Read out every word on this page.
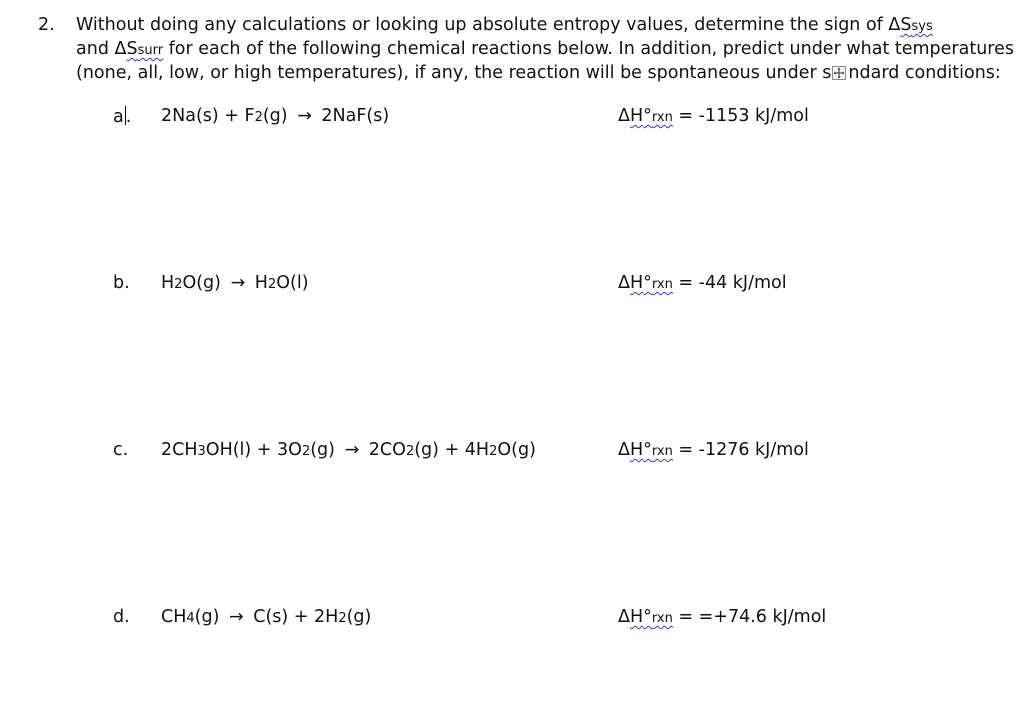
2. Without doing any calculations or looking up absolute entropy values, determine the sign of ΔSsys
and ΔSsurr for each of the following chemical reactions below. In addition, predict under what temperatures (none, all, low, or high temperatures), if any, the reaction will be spontaneous under s ndard conditions:
a . 2Na(s) + F2(g) → 2NaF(s)	ΔH°rxn = -1153 kJ/mol
b. H2O(g) → H2O(l)	ΔH°rxn = -44 kJ/mol
c. 2CH3OH(l) + 3O2(g) → 2CO2(g) + 4H2O(g)	ΔH°rxn = -1276 kJ/mol
d. CH4(g) → C(s) + 2H2(g)	ΔH°rxn = =+74.6 kJ/mol
